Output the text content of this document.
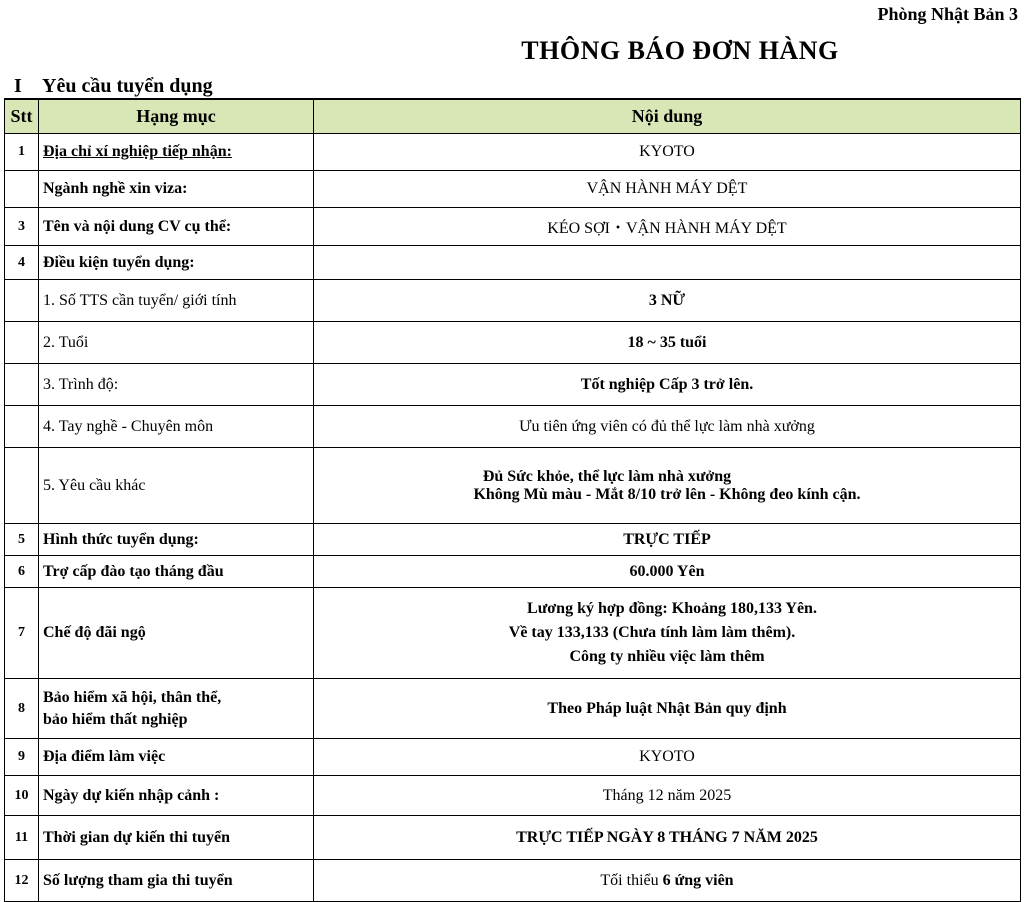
Phòng Nhật Bản 3
THÔNG BÁO ĐƠN HÀNG
I Yêu cầu tuyển dụng
Stt	Hạng mục	Nội dung
1	Địa chỉ xí nghiệp tiếp nhận:	KYOTO
	Ngành nghề xin viza:	VẬN HÀNH MÁY DỆT
3	Tên và nội dung CV cụ thể:	KÉO SỢI・VẬN HÀNH MÁY DỆT
4	Điều kiện tuyển dụng:	
	1. Số TTS cần tuyển/ giới tính	3 NỮ
	2. Tuổi	18 ~ 35 tuổi
	3. Trình độ:	Tốt nghiệp Cấp 3 trở lên.
	4. Tay nghề - Chuyên môn	Ưu tiên ứng viên có đủ thể lực làm nhà xưởng
	5. Yêu cầu khác	Đủ Sức khỏe, thể lực làm nhà xưởng
Không Mù màu - Mắt 8/10 trở lên - Không đeo kính cận.

5	Hình thức tuyển dụng:	TRỰC TIẾP
6	Trợ cấp đào tạo tháng đầu	60.000 Yên
7	Chế độ đãi ngộ	Lương ký hợp đồng: Khoảng 180,133 Yên.
Về tay 133,133 (Chưa tính làm làm thêm).
Công ty nhiều việc làm thêm

8	Bảo hiểm xã hội, thân thể,
bảo hiểm thất nghiệp	Theo Pháp luật Nhật Bản quy định
9	Địa điểm làm việc	KYOTO
10	Ngày dự kiến nhập cảnh :	Tháng 12 năm 2025
11	Thời gian dự kiến thi tuyển	TRỰC TIẾP NGÀY 8 THÁNG 7 NĂM 2025
12	Số lượng tham gia thi tuyển	Tối thiểu 6 ứng viên
